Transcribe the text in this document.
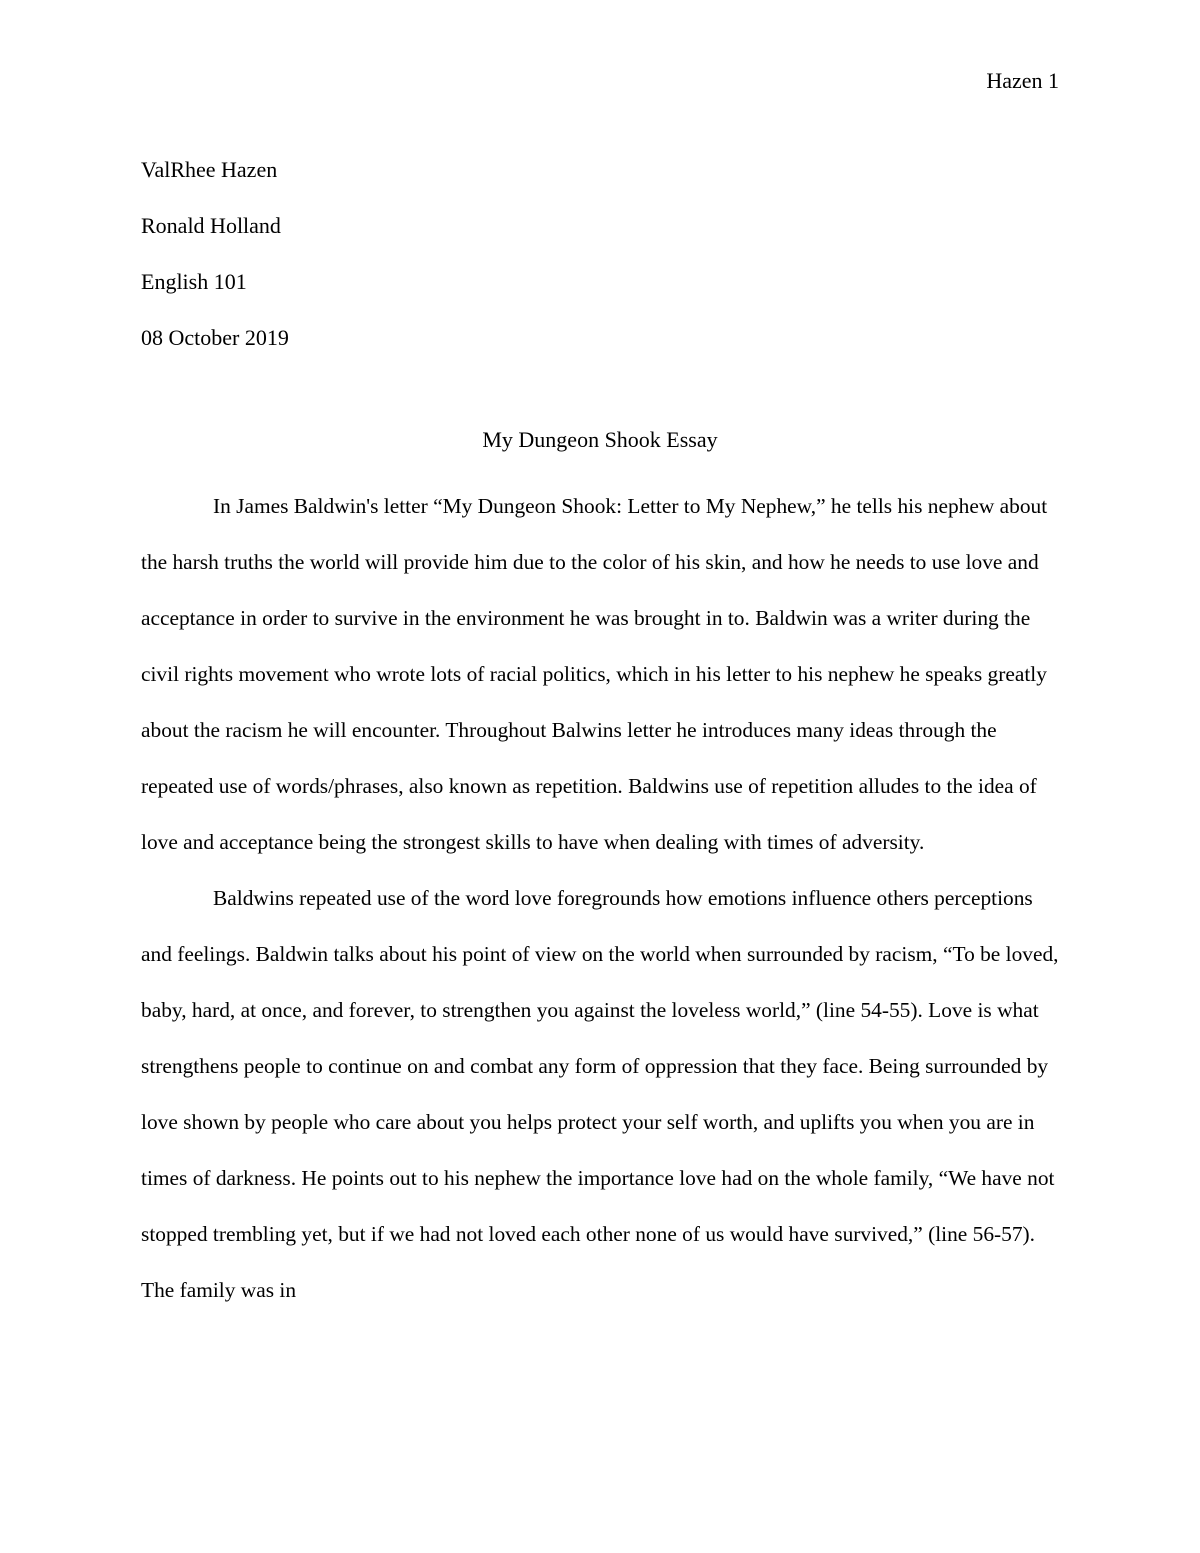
Hazen 1

ValRhee Hazen

Ronald Holland

English 101

08 October 2019

My Dungeon Shook Essay

In James Baldwin's letter “My Dungeon Shook: Letter to My Nephew,” he tells his nephew about the harsh truths the world will provide him due to the color of his skin, and how he needs to use love and acceptance in order to survive in the environment he was brought in to. Baldwin was a writer during the civil rights movement who wrote lots of racial politics, which in his letter to his nephew he speaks greatly about the racism he will encounter. Throughout Balwins letter he introduces many ideas through the repeated use of words/phrases, also known as repetition. Baldwins use of repetition alludes to the idea of love and acceptance being the strongest skills to have when dealing with times of adversity.

Baldwins repeated use of the word love foregrounds how emotions influence others perceptions and feelings. Baldwin talks about his point of view on the world when surrounded by racism, “To be loved, baby, hard, at once, and forever, to strengthen you against the loveless world,” (line 54-55). Love is what strengthens people to continue on and combat any form of oppression that they face. Being surrounded by love shown by people who care about you helps protect your self worth, and uplifts you when you are in times of darkness. He points out to his nephew the importance love had on the whole family, “We have not stopped trembling yet, but if we had not loved each other none of us would have survived,” (line 56-57). The family was in
